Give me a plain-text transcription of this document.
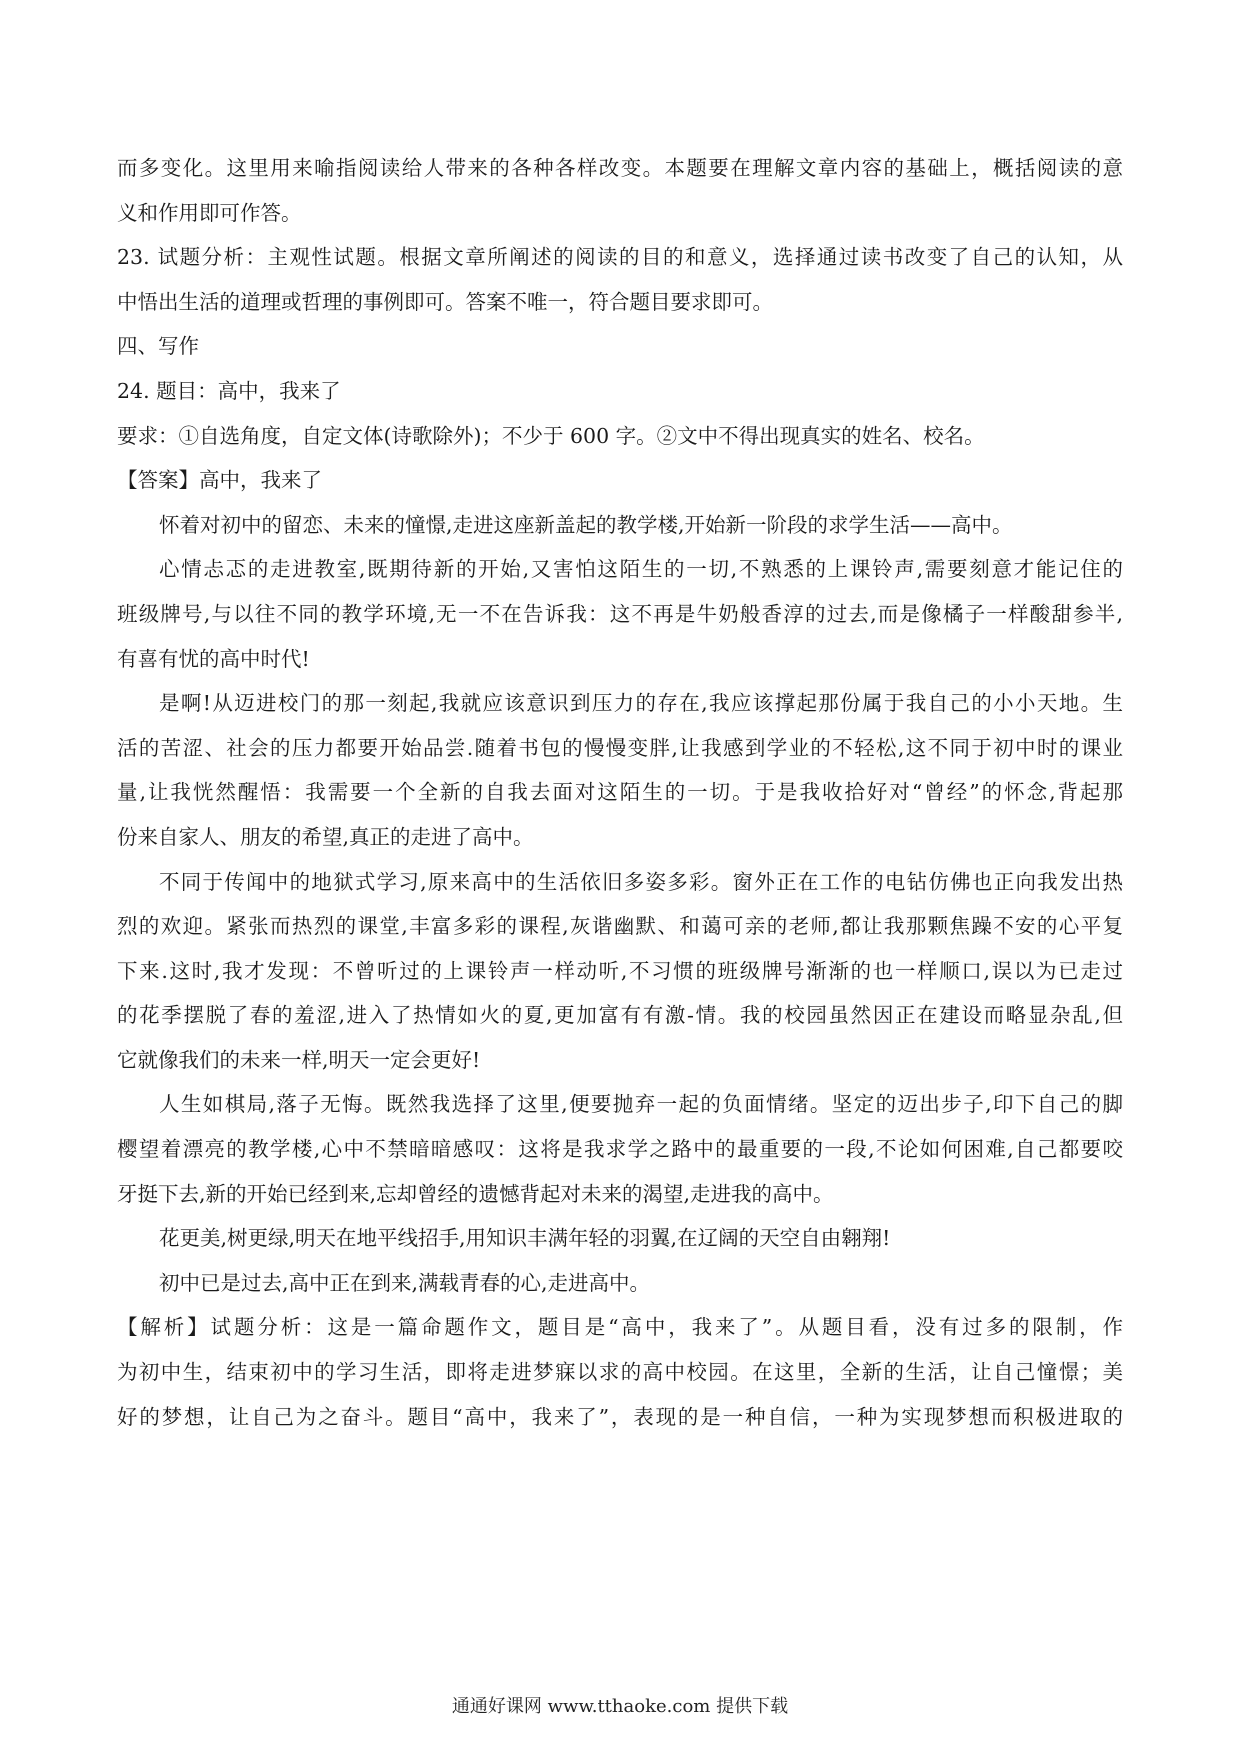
而多变化。这里用来喻指阅读给人带来的各种各样改变。本题要在理解文章内容的基础上，概括阅读的意

义和作用即可作答。

23. 试题分析：主观性试题。根据文章所阐述的阅读的目的和意义，选择通过读书改变了自己的认知，从

中悟出生活的道理或哲理的事例即可。答案不唯一，符合题目要求即可。

四、写作

24. 题目：高中，我来了

要求：①自选角度，自定文体(诗歌除外)；不少于 600 字。②文中不得出现真实的姓名、校名。

【答案】高中，我来了

怀着对初中的留恋、未来的憧憬,走进这座新盖起的教学楼,开始新一阶段的求学生活——高中。

心情忐忑的走进教室,既期待新的开始,又害怕这陌生的一切,不熟悉的上课铃声,需要刻意才能记住的

班级牌号,与以往不同的教学环境,无一不在告诉我：这不再是牛奶般香淳的过去,而是像橘子一样酸甜参半,

有喜有忧的高中时代!

是啊!从迈进校门的那一刻起,我就应该意识到压力的存在,我应该撑起那份属于我自己的小小天地。生

活的苦涩、社会的压力都要开始品尝.随着书包的慢慢变胖,让我感到学业的不轻松,这不同于初中时的课业

量,让我恍然醒悟：我需要一个全新的自我去面对这陌生的一切。于是我收拾好对“曾经”的怀念,背起那

份来自家人、朋友的希望,真正的走进了高中。

不同于传闻中的地狱式学习,原来高中的生活依旧多姿多彩。窗外正在工作的电钻仿佛也正向我发出热

烈的欢迎。紧张而热烈的课堂,丰富多彩的课程,灰谐幽默、和蔼可亲的老师,都让我那颗焦躁不安的心平复

下来.这时,我才发现：不曾听过的上课铃声一样动听,不习惯的班级牌号渐渐的也一样顺口,误以为已走过

的花季摆脱了春的羞涩,进入了热情如火的夏,更加富有有激-情。我的校园虽然因正在建设而略显杂乱,但

它就像我们的未来一样,明天一定会更好!

人生如棋局,落子无悔。既然我选择了这里,便要抛弃一起的负面情绪。坚定的迈出步子,印下自己的脚

樱望着漂亮的教学楼,心中不禁暗暗感叹：这将是我求学之路中的最重要的一段,不论如何困难,自己都要咬

牙挺下去,新的开始已经到来,忘却曾经的遗憾背起对未来的渴望,走进我的高中。

花更美,树更绿,明天在地平线招手,用知识丰满年轻的羽翼,在辽阔的天空自由翱翔!

初中已是过去,高中正在到来,满载青春的心,走进高中。

【解析】试题分析：这是一篇命题作文，题目是“高中，我来了”。从题目看，没有过多的限制，作

为初中生，结束初中的学习生活，即将走进梦寐以求的高中校园。在这里，全新的生活，让自己憧憬；美

好的梦想，让自己为之奋斗。题目“高中，我来了”，表现的是一种自信，一种为实现梦想而积极进取的

通通好课网 www.tthaoke.com 提供下载
